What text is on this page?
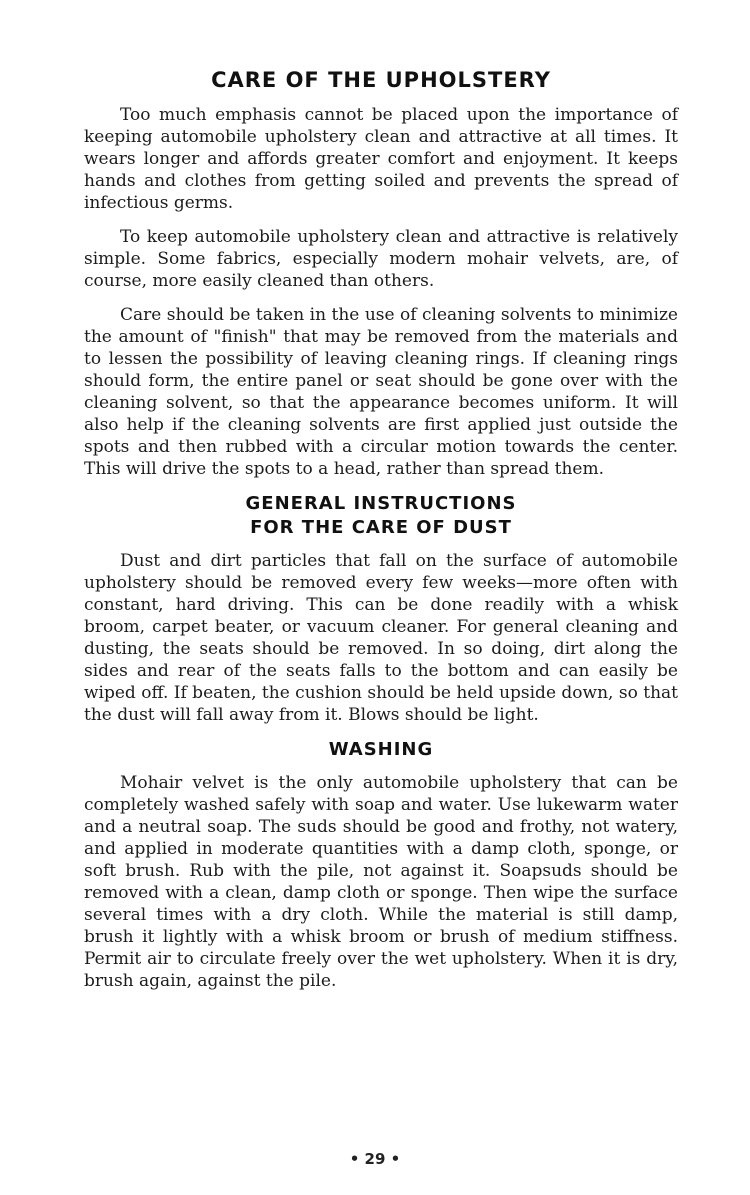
CARE OF THE UPHOLSTERY

Too much emphasis cannot be placed upon the importance of keeping automobile upholstery clean and attractive at all times. It wears longer and affords greater comfort and enjoyment. It keeps hands and clothes from getting soiled and prevents the spread of infectious germs.

To keep automobile upholstery clean and attractive is relatively simple. Some fabrics, especially modern mohair velvets, are, of course, more easily cleaned than others.

Care should be taken in the use of cleaning solvents to minimize the amount of "finish" that may be removed from the materials and to lessen the possibility of leaving cleaning rings. If cleaning rings should form, the entire panel or seat should be gone over with the cleaning solvent, so that the appearance becomes uniform. It will also help if the cleaning solvents are first applied just outside the spots and then rubbed with a circular motion towards the center. This will drive the spots to a head, rather than spread them.

GENERAL INSTRUCTIONS
FOR THE CARE OF DUST

Dust and dirt particles that fall on the surface of automobile upholstery should be removed every few weeks—more often with constant, hard driving. This can be done readily with a whisk broom, carpet beater, or vacuum cleaner. For general cleaning and dusting, the seats should be removed. In so doing, dirt along the sides and rear of the seats falls to the bottom and can easily be wiped off. If beaten, the cushion should be held upside down, so that the dust will fall away from it. Blows should be light.

WASHING

Mohair velvet is the only automobile upholstery that can be completely washed safely with soap and water. Use lukewarm water and a neutral soap. The suds should be good and frothy, not watery, and applied in moderate quantities with a damp cloth, sponge, or soft brush. Rub with the pile, not against it. Soapsuds should be removed with a clean, damp cloth or sponge. Then wipe the surface several times with a dry cloth. While the material is still damp, brush it lightly with a whisk broom or brush of medium stiffness. Permit air to circulate freely over the wet upholstery. When it is dry, brush again, against the pile.

• 29 •
